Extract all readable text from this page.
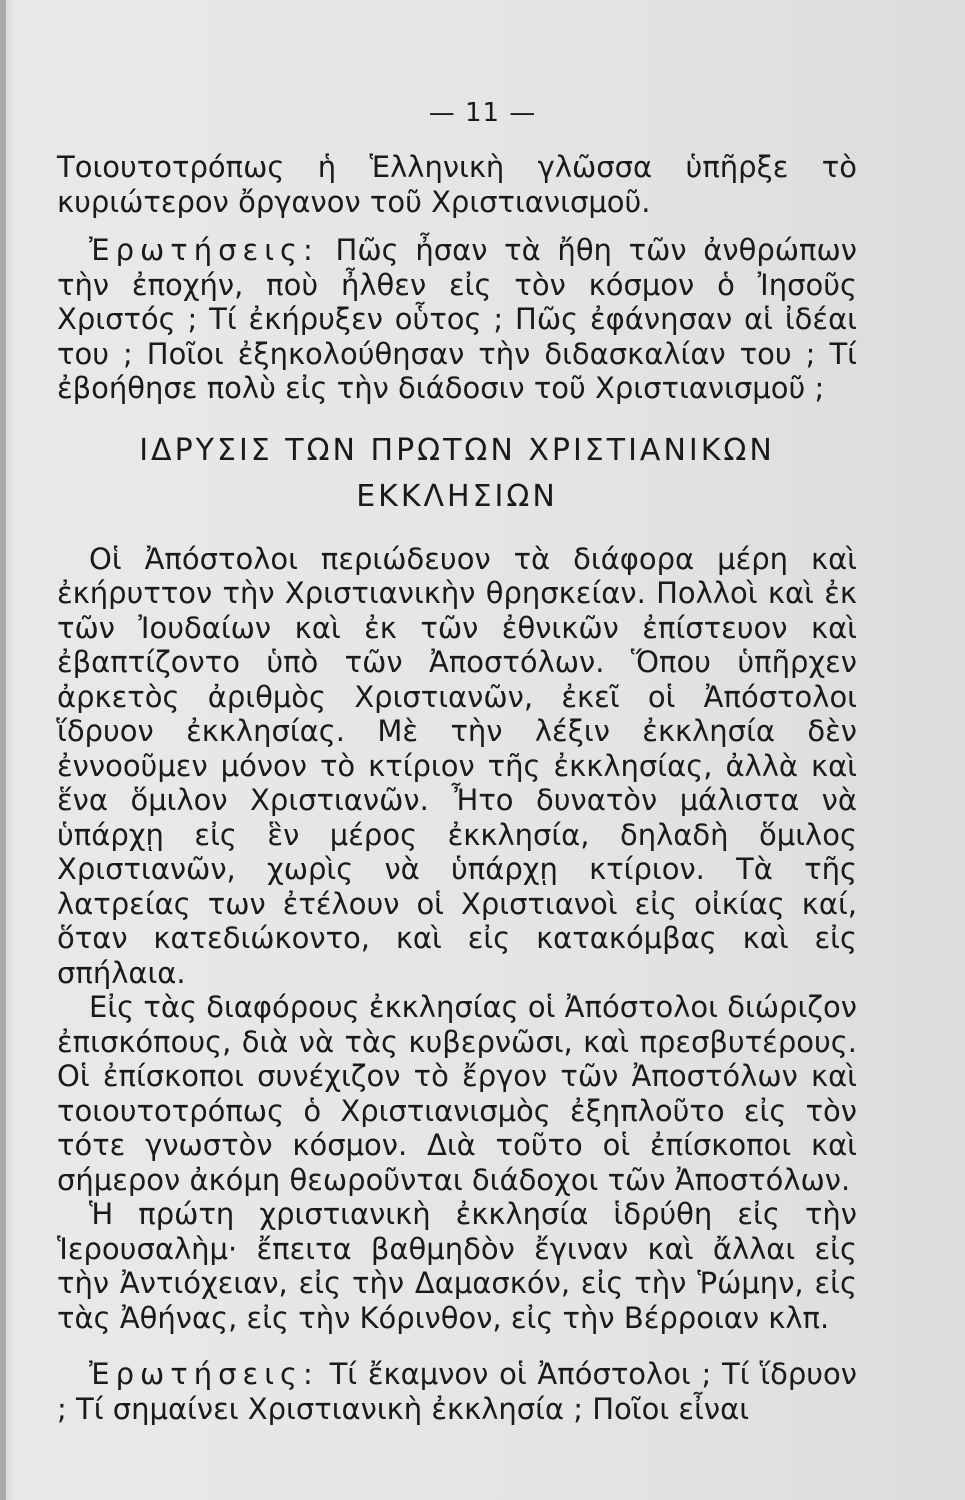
— 11 —

Τοιουτοτρόπως ἡ Ἑλληνικὴ γλῶσσα ὑπῆρξε τὸ κυριώτερον ὄργανον τοῦ Χριστιανισμοῦ.

Ἐρωτήσεις: Πῶς ἦσαν τὰ ἤθη τῶν ἀνθρώπων τὴν ἐποχήν, ποὺ ἦλθεν εἰς τὸν κόσμον ὁ Ἰησοῦς Χριστός ; Τί ἐκήρυξεν οὗτος ; Πῶς ἐφάνησαν αἱ ἰδέαι του ; Ποῖοι ἐξηκολούθησαν τὴν διδασκαλίαν του ; Τί ἐβοήθησε πολὺ εἰς τὴν διάδοσιν τοῦ Χριστιανισμοῦ ;

ΙΔΡΥΣΙΣ ΤΩΝ ΠΡΩΤΩΝ ΧΡΙΣΤΙΑΝΙΚΩΝ

ΕΚΚΛΗΣΙΩΝ

Οἱ Ἀπόστολοι περιώδευον τὰ διάφορα μέρη καὶ ἐκήρυττον τὴν Χριστιανικὴν θρησκείαν. Πολλοὶ καὶ ἐκ τῶν Ἰουδαίων καὶ ἐκ τῶν ἐθνικῶν ἐπίστευον καὶ ἐβαπτίζοντο ὑπὸ τῶν Ἀποστόλων. Ὅπου ὑπῆρχεν ἀρκετὸς ἀριθμὸς Χριστιανῶν, ἐκεῖ οἱ Ἀπόστολοι ἵδρυον ἐκκλησίας. Μὲ τὴν λέξιν ἐκκλησία δὲν ἐννοοῦμεν μόνον τὸ κτίριον τῆς ἐκκλησίας, ἀλλὰ καὶ ἕνα ὅμιλον Χριστιανῶν. Ἦτο δυνατὸν μάλιστα νὰ ὑπάρχῃ εἰς ἓν μέρος ἐκκλησία, δηλαδὴ ὅμιλος Χριστιανῶν, χωρὶς νὰ ὑπάρχῃ κτίριον. Τὰ τῆς λατρείας των ἐτέλουν οἱ Χριστιανοὶ εἰς οἰκίας καί, ὅταν κατεδιώκοντο, καὶ εἰς κατακόμβας καὶ εἰς σπήλαια.

Εἰς τὰς διαφόρους ἐκκλησίας οἱ Ἀπόστολοι διώριζον ἐπισκόπους, διὰ νὰ τὰς κυβερνῶσι, καὶ πρεσβυτέρους. Οἱ ἐπίσκοποι συνέχιζον τὸ ἔργον τῶν Ἀποστόλων καὶ τοιουτοτρόπως ὁ Χριστιανισμὸς ἐξηπλοῦτο εἰς τὸν τότε γνωστὸν κόσμον. Διὰ τοῦτο οἱ ἐπίσκοποι καὶ σήμερον ἀκόμη θεωροῦνται διάδοχοι τῶν Ἀποστόλων.

Ἡ πρώτη χριστιανικὴ ἐκκλησία ἱδρύθη εἰς τὴν Ἱερουσαλὴμ· ἔπειτα βαθμηδὸν ἔγιναν καὶ ἄλλαι εἰς τὴν Ἀντιόχειαν, εἰς τὴν Δαμασκόν, εἰς τὴν Ῥώμην, εἰς τὰς Ἀθήνας, εἰς τὴν Κόρινθον, εἰς τὴν Βέρροιαν κλπ.

Ἐρωτήσεις: Τί ἔκαμνον οἱ Ἀπόστολοι ; Τί ἵδρυον ; Τί σημαίνει Χριστιανικὴ ἐκκλησία ; Ποῖοι εἶναι
